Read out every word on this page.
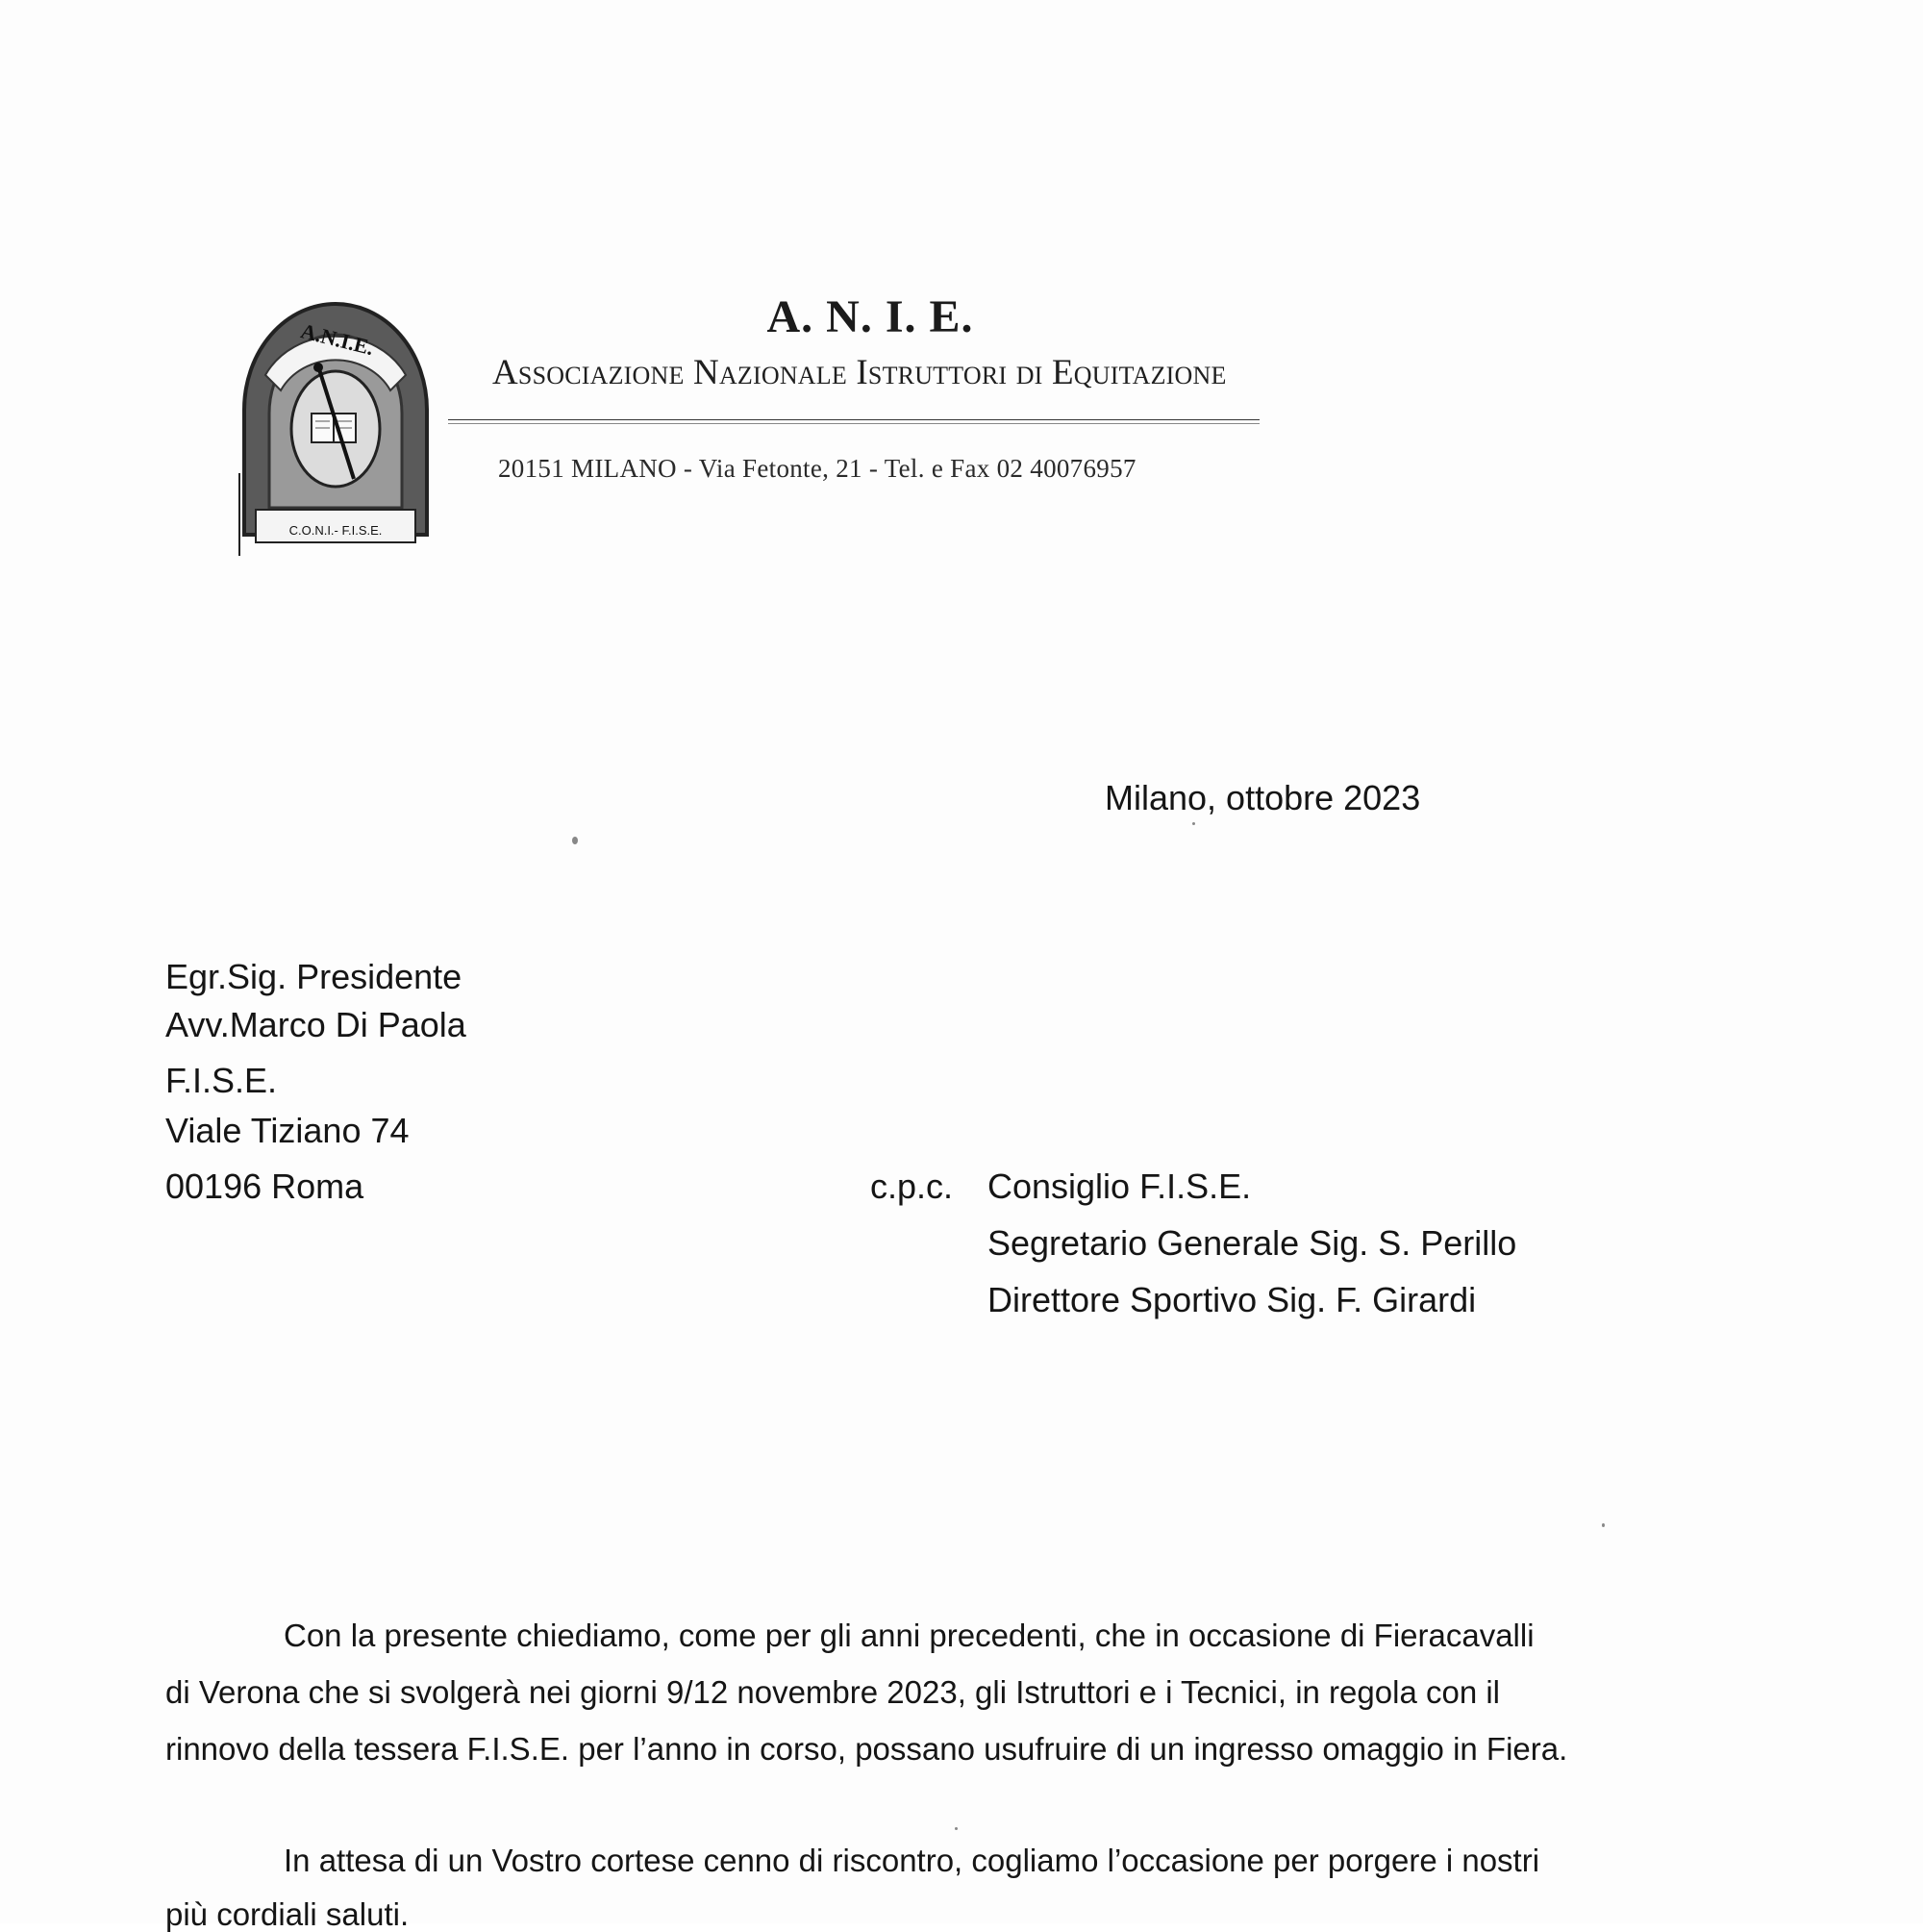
A.N.I.E.
C.O.N.I.- F.I.S.E.
A. N. I. E.
Associazione Nazionale Istruttori di Equitazione
20151 MILANO - Via Fetonte, 21 - Tel. e Fax 02 40076957
Milano, ottobre 2023
Egr.Sig. Presidente
Avv.Marco Di Paola
F.I.S.E.
Viale Tiziano 74
00196 Roma	c.p.c. Consiglio F.I.S.E.
Segretario Generale Sig. S. Perillo
Direttore Sportivo Sig. F. Girardi
Con la presente chiediamo, come per gli anni precedenti, che in occasione di Fieracavalli
di Verona che si svolgerà nei giorni 9/12 novembre 2023, gli Istruttori e i Tecnici, in regola con il
rinnovo della tessera F.I.S.E. per l’anno in corso, possano usufruire di un ingresso omaggio in Fiera.
In attesa di un Vostro cortese cenno di riscontro, cogliamo l’occasione per porgere i nostri
più cordiali saluti.
